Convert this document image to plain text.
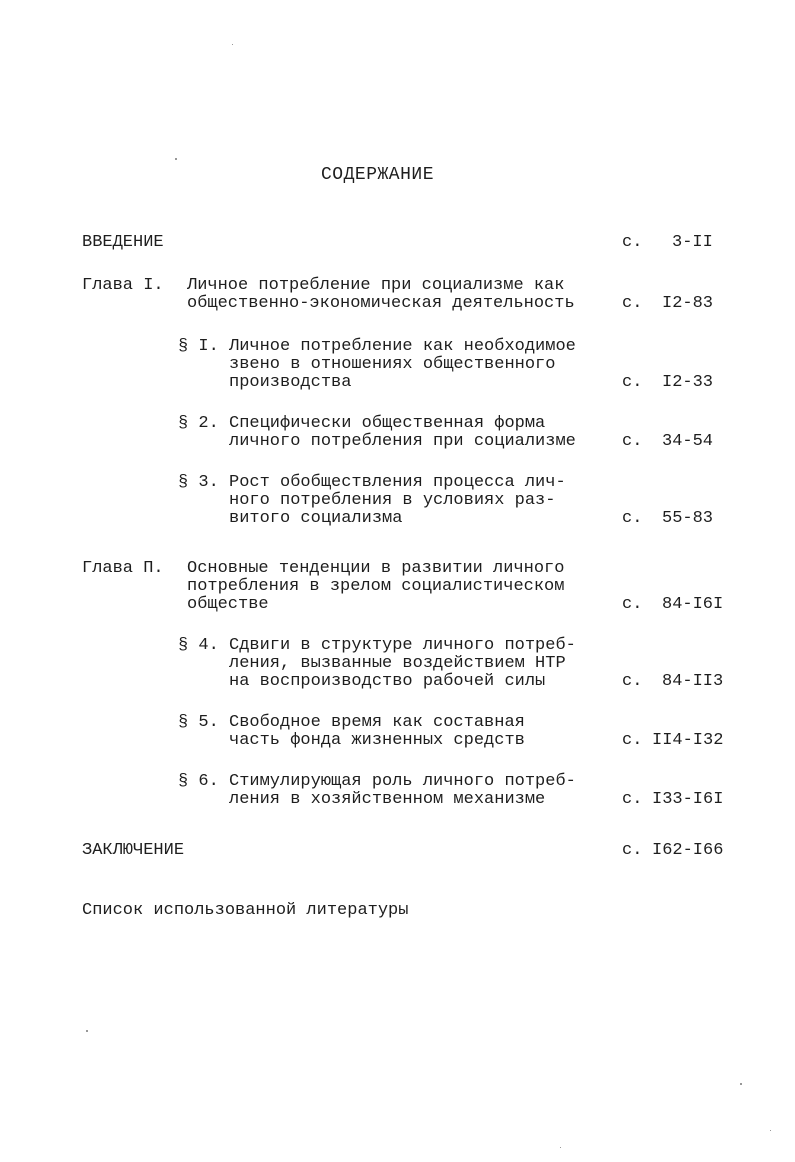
СОДЕРЖАНИЕ
ВВЕДЕНИЕ	с. 3-II
Глава I. Личное потребление при социализме как
общественно-экономическая деятельность	с. I2-83
§ I. Личное потребление как необходимое
звено в отношениях общественного
производства	с. I2-33
§ 2. Специфически общественная форма
личного потребления при социализме	с. 34-54
§ 3. Рост обобществления процесса лич-
ного потребления в условиях раз-
витого социализма	с. 55-83
Глава П. Основные тенденции в развитии личного
потребления в зрелом социалистическом
обществе	с. 84-I6I
§ 4. Сдвиги в структуре личного потреб-
ления, вызванные воздействием НТР
на воспроизводство рабочей силы	с. 84-II3
§ 5. Свободное время как составная
часть фонда жизненных средств	с. II4-I32
§ 6. Стимулирующая роль личного потреб-
ления в хозяйственном механизме	с. I33-I6I
ЗАКЛЮЧЕНИЕ	с. I62-I66
Список использованной литературы
